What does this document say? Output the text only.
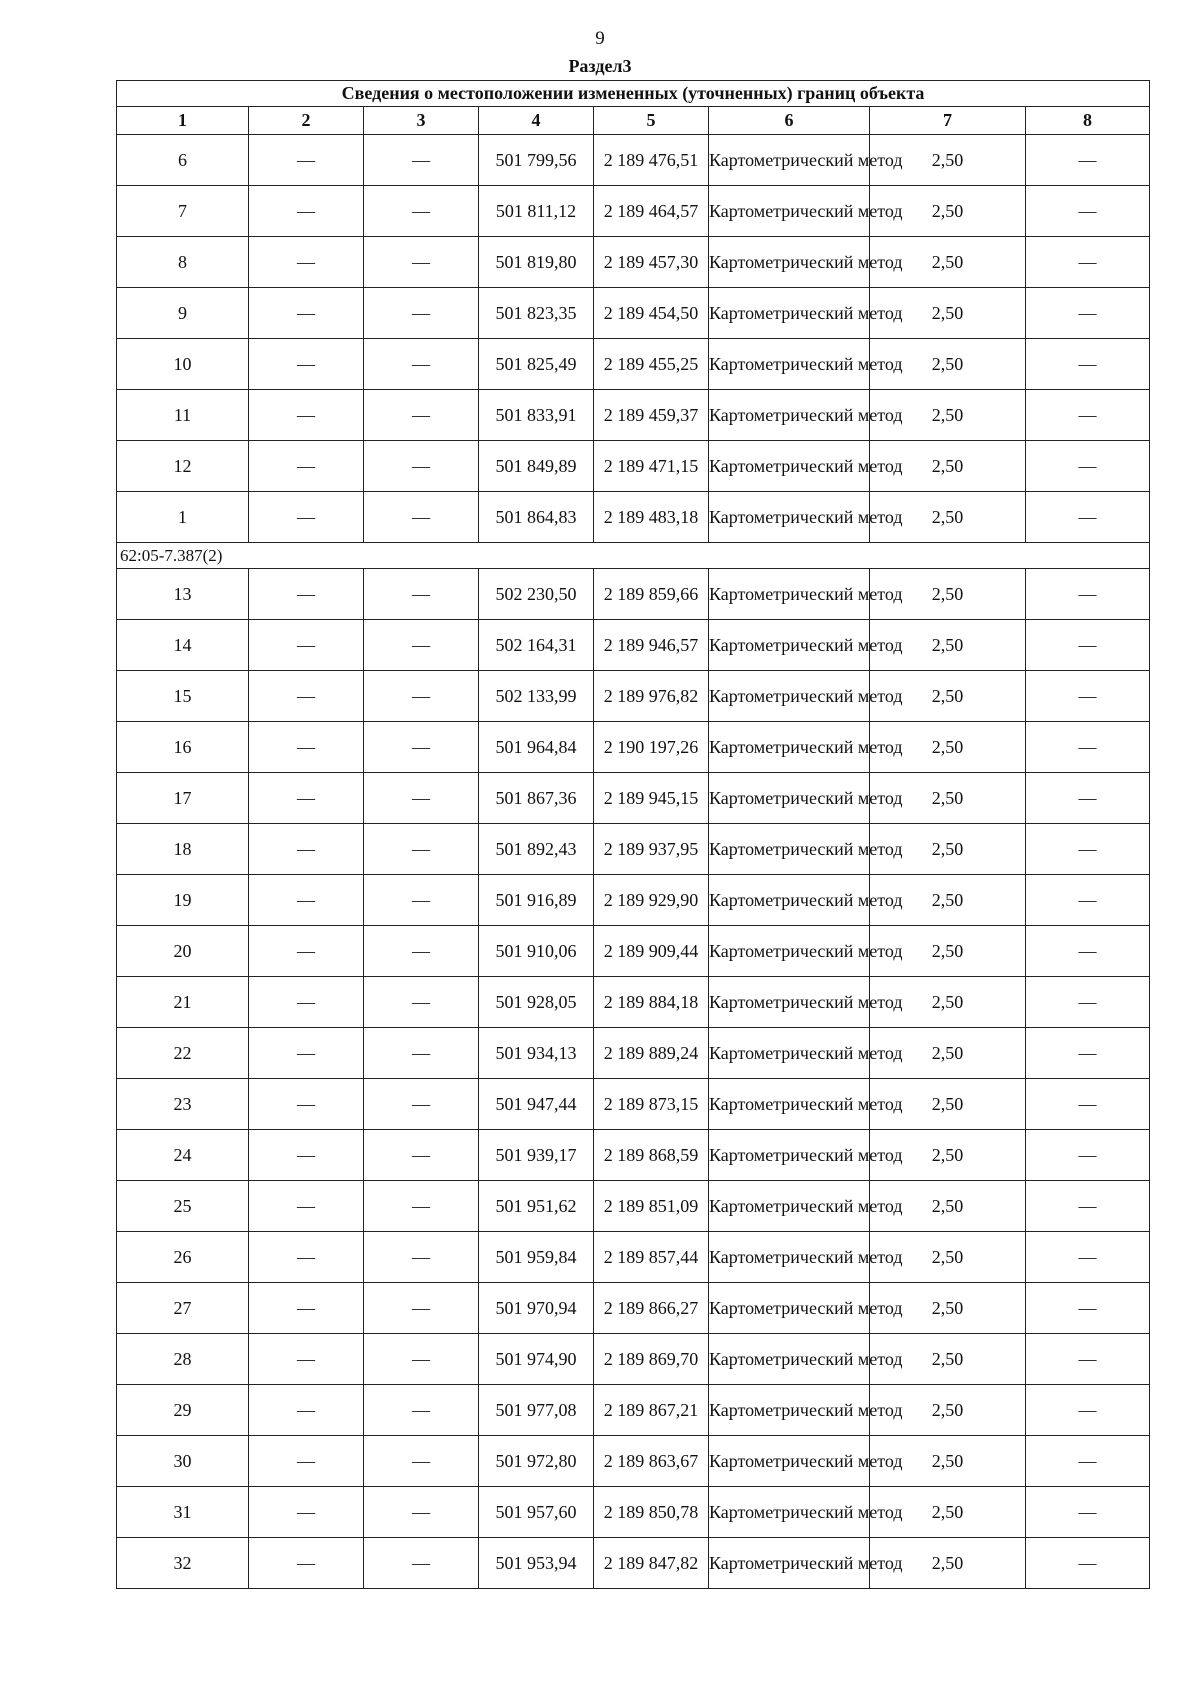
9
Раздел3
Сведения о местоположении измененных (уточненных) границ объекта							
1	2	3	4	5	6	7	8
6	—	—	501 799,56	2 189 476,51	Картометрический метод	2,50	—
7	—	—	501 811,12	2 189 464,57	Картометрический метод	2,50	—
8	—	—	501 819,80	2 189 457,30	Картометрический метод	2,50	—
9	—	—	501 823,35	2 189 454,50	Картометрический метод	2,50	—
10	—	—	501 825,49	2 189 455,25	Картометрический метод	2,50	—
11	—	—	501 833,91	2 189 459,37	Картометрический метод	2,50	—
12	—	—	501 849,89	2 189 471,15	Картометрический метод	2,50	—
1	—	—	501 864,83	2 189 483,18	Картометрический метод	2,50	—
62:05-7.387(2)							
13	—	—	502 230,50	2 189 859,66	Картометрический метод	2,50	—
14	—	—	502 164,31	2 189 946,57	Картометрический метод	2,50	—
15	—	—	502 133,99	2 189 976,82	Картометрический метод	2,50	—
16	—	—	501 964,84	2 190 197,26	Картометрический метод	2,50	—
17	—	—	501 867,36	2 189 945,15	Картометрический метод	2,50	—
18	—	—	501 892,43	2 189 937,95	Картометрический метод	2,50	—
19	—	—	501 916,89	2 189 929,90	Картометрический метод	2,50	—
20	—	—	501 910,06	2 189 909,44	Картометрический метод	2,50	—
21	—	—	501 928,05	2 189 884,18	Картометрический метод	2,50	—
22	—	—	501 934,13	2 189 889,24	Картометрический метод	2,50	—
23	—	—	501 947,44	2 189 873,15	Картометрический метод	2,50	—
24	—	—	501 939,17	2 189 868,59	Картометрический метод	2,50	—
25	—	—	501 951,62	2 189 851,09	Картометрический метод	2,50	—
26	—	—	501 959,84	2 189 857,44	Картометрический метод	2,50	—
27	—	—	501 970,94	2 189 866,27	Картометрический метод	2,50	—
28	—	—	501 974,90	2 189 869,70	Картометрический метод	2,50	—
29	—	—	501 977,08	2 189 867,21	Картометрический метод	2,50	—
30	—	—	501 972,80	2 189 863,67	Картометрический метод	2,50	—
31	—	—	501 957,60	2 189 850,78	Картометрический метод	2,50	—
32	—	—	501 953,94	2 189 847,82	Картометрический метод	2,50	—
